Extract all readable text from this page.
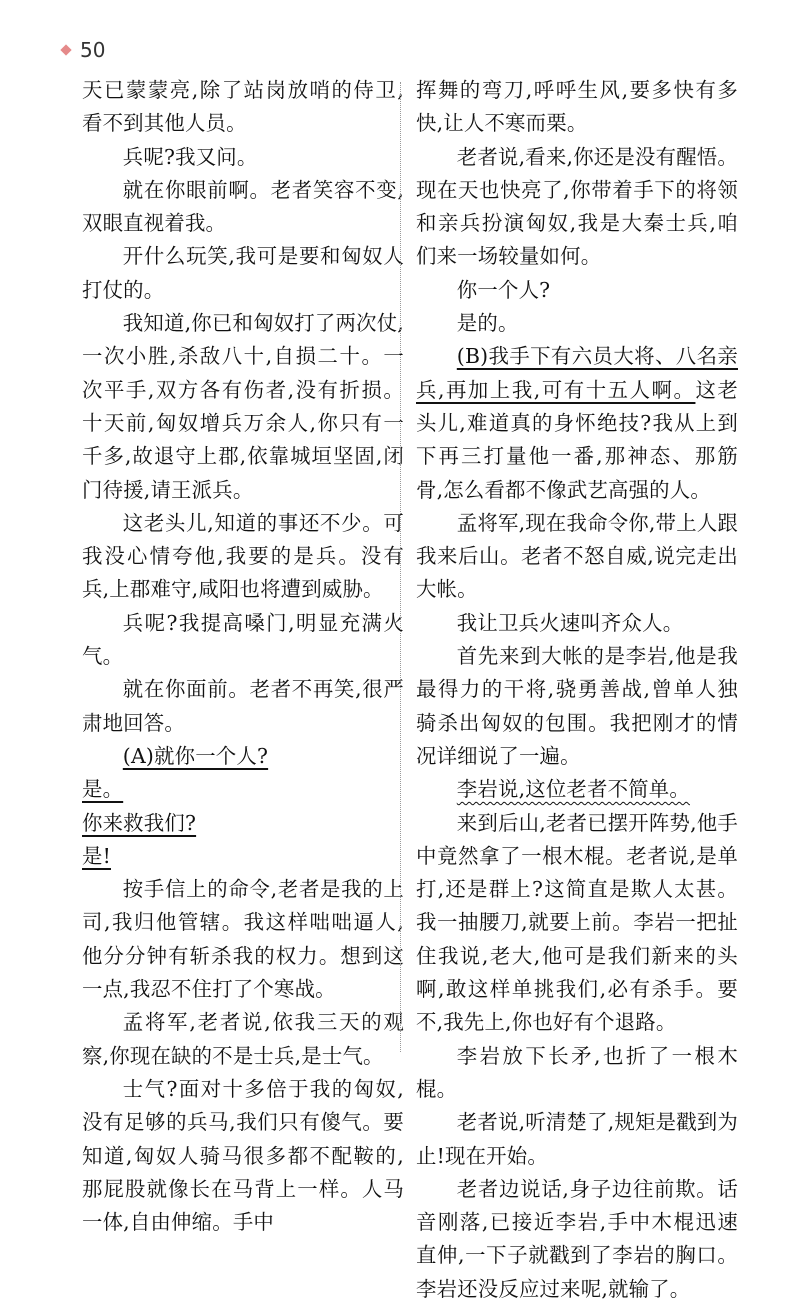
50

天已蒙蒙亮,除了站岗放哨的侍卫,看不到其他人员。

兵呢?我又问。

就在你眼前啊。老者笑容不变,双眼直视着我。

开什么玩笑,我可是要和匈奴人打仗的。

我知道,你已和匈奴打了两次仗,一次小胜,杀敌八十,自损二十。一次平手,双方各有伤者,没有折损。十天前,匈奴增兵万余人,你只有一千多,故退守上郡,依靠城垣坚固,闭门待援,请王派兵。

这老头儿,知道的事还不少。可我没心情夸他,我要的是兵。没有兵,上郡难守,咸阳也将遭到威胁。

兵呢?我提高嗓门,明显充满火气。

就在你面前。老者不再笑,很严肃地回答。

(A)就你一个人?

是。

你来救我们?

是!

按手信上的命令,老者是我的上司,我归他管辖。我这样咄咄逼人,他分分钟有斩杀我的权力。想到这一点,我忍不住打了个寒战。

孟将军,老者说,依我三天的观察,你现在缺的不是士兵,是士气。

士气?面对十多倍于我的匈奴,没有足够的兵马,我们只有傻气。要知道,匈奴人骑马很多都不配鞍的,那屁股就像长在马背上一样。人马一体,自由伸缩。手中

挥舞的弯刀,呼呼生风,要多快有多快,让人不寒而栗。

老者说,看来,你还是没有醒悟。现在天也快亮了,你带着手下的将领和亲兵扮演匈奴,我是大秦士兵,咱们来一场较量如何。

你一个人?

是的。

(B)我手下有六员大将、八名亲兵,再加上我,可有十五人啊。这老头儿,难道真的身怀绝技?我从上到下再三打量他一番,那神态、那筋骨,怎么看都不像武艺高强的人。

孟将军,现在我命令你,带上人跟我来后山。老者不怒自威,说完走出大帐。

我让卫兵火速叫齐众人。

首先来到大帐的是李岩,他是我最得力的干将,骁勇善战,曾单人独骑杀出匈奴的包围。我把刚才的情况详细说了一遍。

李岩说,这位老者不简单。

来到后山,老者已摆开阵势,他手中竟然拿了一根木棍。老者说,是单打,还是群上?这简直是欺人太甚。我一抽腰刀,就要上前。李岩一把扯住我说,老大,他可是我们新来的头啊,敢这样单挑我们,必有杀手。要不,我先上,你也好有个退路。

李岩放下长矛,也折了一根木棍。

老者说,听清楚了,规矩是戳到为止!现在开始。

老者边说话,身子边往前欺。话音刚落,已接近李岩,手中木棍迅速直伸,一下子就戳到了李岩的胸口。李岩还没反应过来呢,就输了。
